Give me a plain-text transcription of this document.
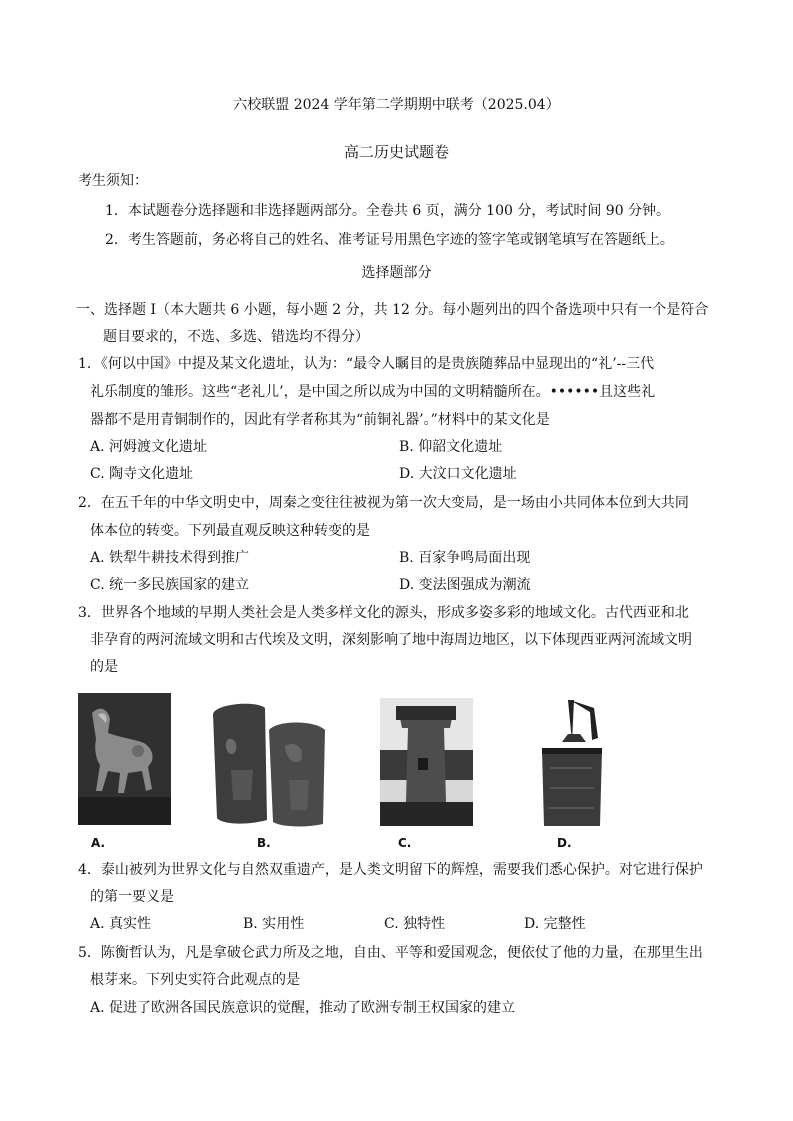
六校联盟 2024 学年第二学期期中联考（2025.04）
高二历史试题卷
考生须知：
1．本试题卷分选择题和非选择题两部分。全卷共 6 页，满分 100 分，考试时间 90 分钟。
2．考生答题前，务必将自己的姓名、准考证号用黑色字迹的签字笔或钢笔填写在答题纸上。
选择题部分
一、选择题 I（本大题共 6 小题，每小题 2 分，共 12 分。每小题列出的四个备选项中只有一个是符合
题目要求的，不选、多选、错选均不得分）
1．《何以中国》中提及某文化遗址，认为：“最令人瞩目的是贵族随葬品中显现出的“礼’--三代
礼乐制度的雏形。这些“老礼儿’，是中国之所以成为中国的文明精髓所在。••••••且这些礼
器都不是用青铜制作的，因此有学者称其为“前铜礼器’。”材料中的某文化是
A. 河姆渡文化遗址	B. 仰韶文化遗址
C. 陶寺文化遗址	D. 大汶口文化遗址
2．在五千年的中华文明史中，周秦之变往往被视为第一次大变局，是一场由小共同体本位到大共同
体本位的转变。下列最直观反映这种转变的是
A. 铁犁牛耕技术得到推广	B. 百家争鸣局面出现
C. 统一多民族国家的建立	D. 变法图强成为潮流
3．世界各个地域的早期人类社会是人类多样文化的源头，形成多姿多彩的地域文化。古代西亚和北
非孕育的两河流域文明和古代埃及文明，深刻影响了地中海周边地区，以下体现西亚两河流域文明
的是
A.	B.	C.	D.
4．泰山被列为世界文化与自然双重遗产，是人类文明留下的辉煌，需要我们悉心保护。对它进行保护
的第一要义是
A. 真实性	B. 实用性	C. 独特性	D. 完整性
5．陈衡哲认为，凡是拿破仑武力所及之地，自由、平等和爱国观念，便依仗了他的力量，在那里生出
根芽来。下列史实符合此观点的是
A. 促进了欧洲各国民族意识的觉醒，推动了欧洲专制王权国家的建立
